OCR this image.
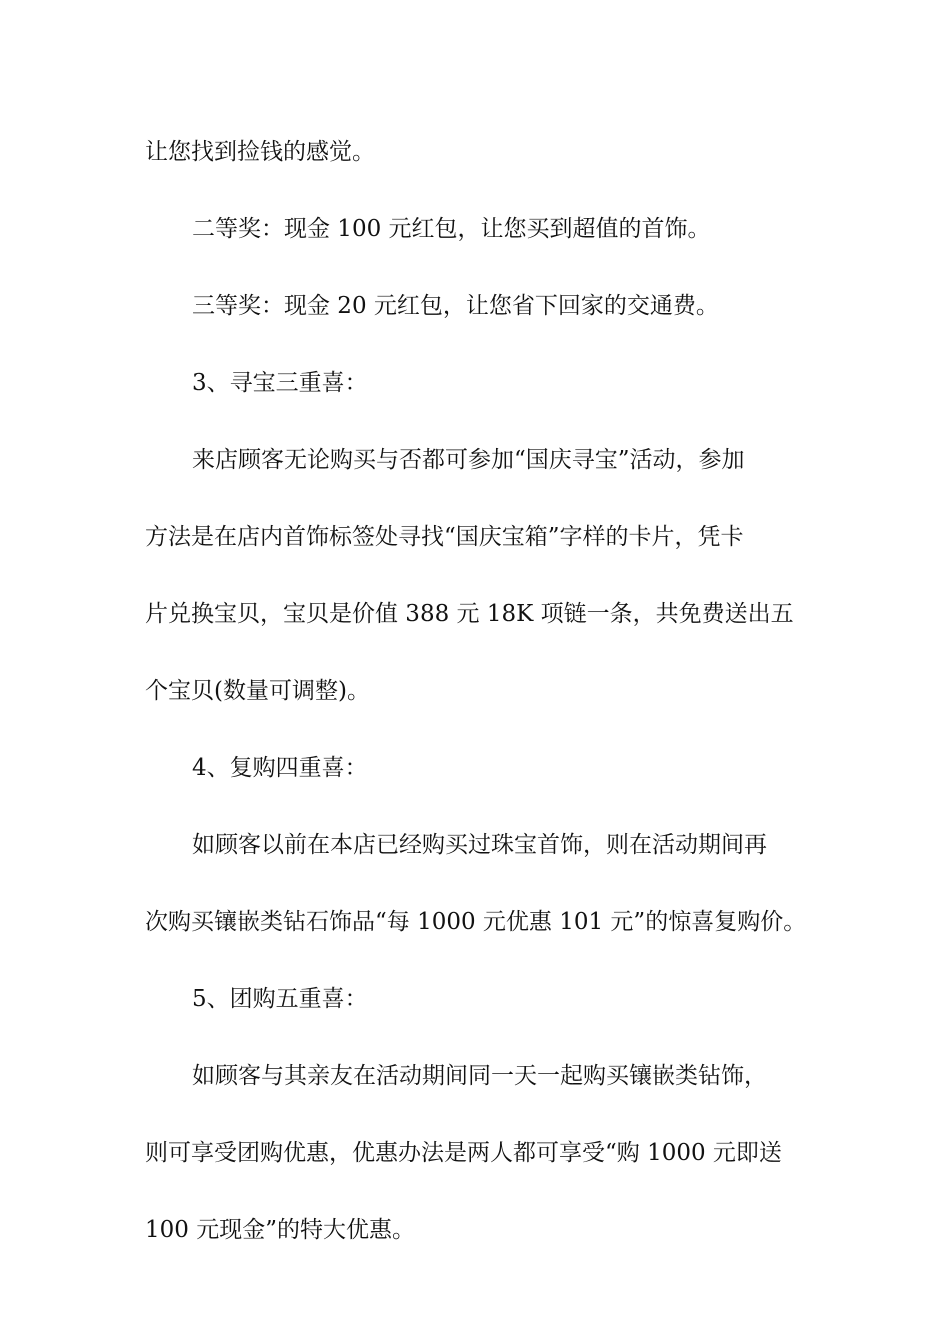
让您找到捡钱的感觉。
二等奖：现金 100 元红包，让您买到超值的首饰。
三等奖：现金 20 元红包，让您省下回家的交通费。
3、寻宝三重喜：
来店顾客无论购买与否都可参加“国庆寻宝”活动，参加
方法是在店内首饰标签处寻找“国庆宝箱”字样的卡片，凭卡
片兑换宝贝，宝贝是价值 388 元 18K 项链一条，共免费送出五
个宝贝(数量可调整)。
4、复购四重喜：
如顾客以前在本店已经购买过珠宝首饰，则在活动期间再
次购买镶嵌类钻石饰品“每 1000 元优惠 101 元”的惊喜复购价。
5、团购五重喜：
如顾客与其亲友在活动期间同一天一起购买镶嵌类钻饰，
则可享受团购优惠，优惠办法是两人都可享受“购 1000 元即送
100 元现金”的特大优惠。
